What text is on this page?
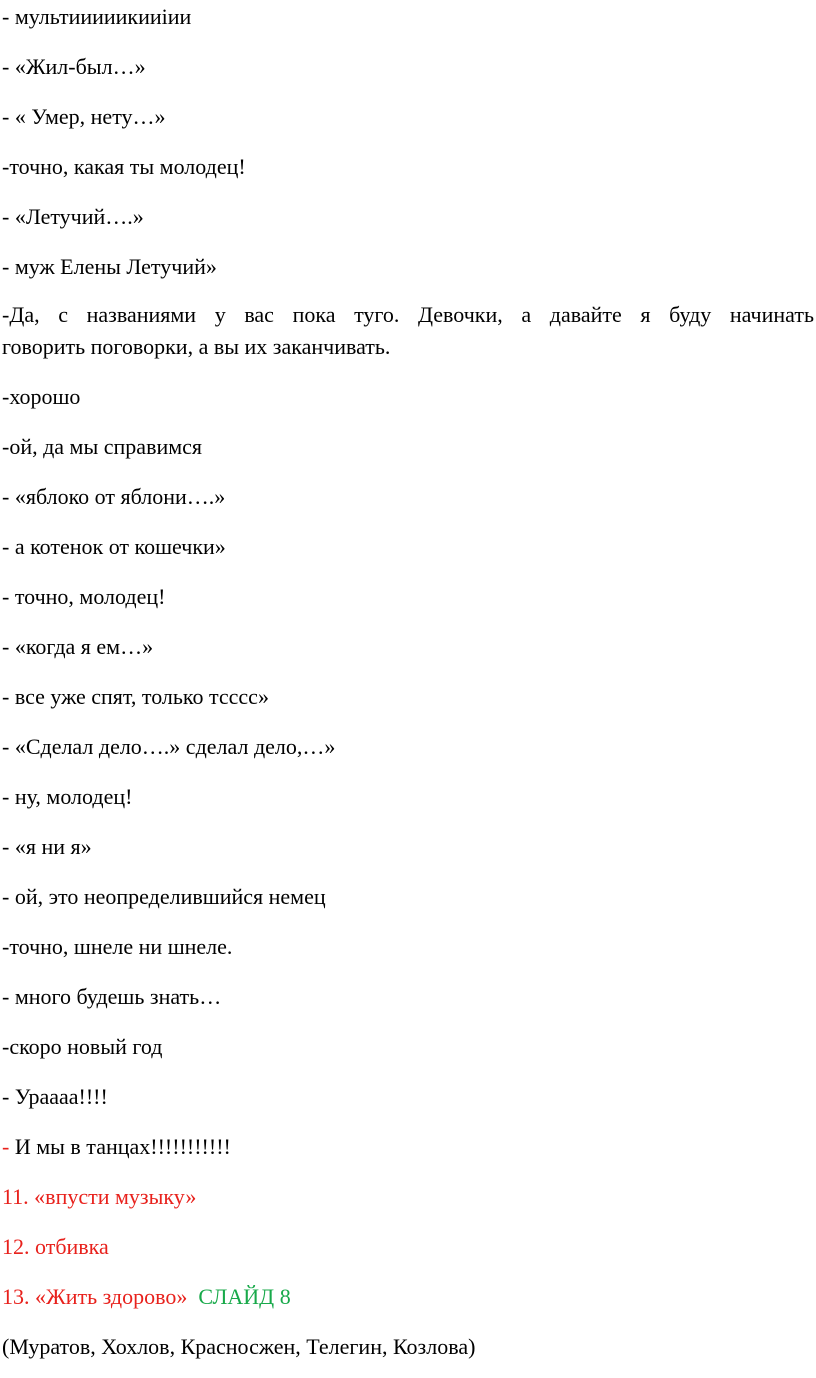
- мультииииикииiии
- «Жил-был…»
- « Умер, нету…»
-точно, какая ты молодец!
- «Летучий….»
- муж Елены Летучий»
-Да, с названиями у вас пока туго. Девочки, а давайте я буду начинать
говорить поговорки, а вы их заканчивать.
-хорошо
-ой, да мы справимся
- «яблоко от яблони….»
- а котенок от кошечки»
- точно, молодец!
- «когда я ем…»
- все уже спят, только тсссс»
- «Сделал дело….» сделал дело,…»
- ну, молодец!
- «я ни я»
- ой, это неопределившийся немец
-точно, шнеле ни шнеле.
- много будешь знать…
-скоро новый год
- Ураааа!!!!
- И мы в танцах!!!!!!!!!!!
11. «впусти музыку»
12. отбивка
13. «Жить здорово» СЛАЙД 8
(Муратов, Хохлов, Красносжен, Телегин, Козлова)
